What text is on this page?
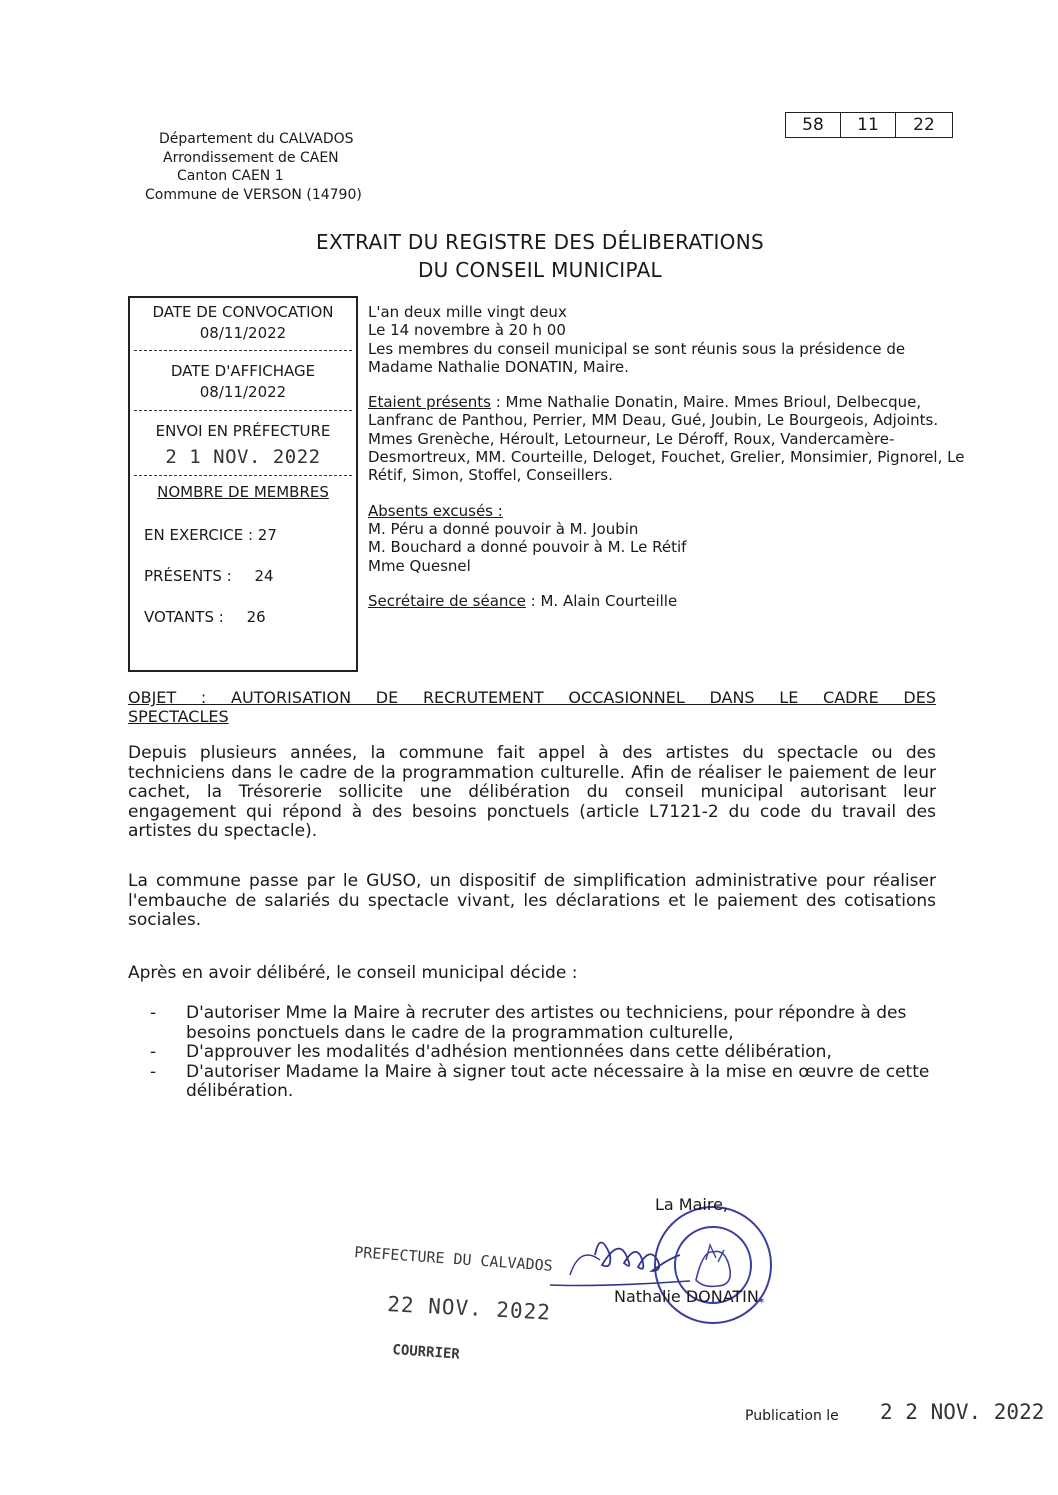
58	11	22
Département du CALVADOS
Arrondissement de CAEN
Canton CAEN 1
Commune de VERSON (14790)
EXTRAIT DU REGISTRE DES DÉLIBERATIONS
DU CONSEIL MUNICIPAL
DATE DE CONVOCATION
08/11/2022
DATE D'AFFICHAGE
08/11/2022
ENVOI EN PRÉFECTURE
2 1 NOV. 2022
NOMBRE DE MEMBRES
EN EXERCICE : 27
PRÉSENTS : 24
VOTANTS : 26

L'an deux mille vingt deux

Le 14 novembre à 20 h 00

Les membres du conseil municipal se sont réunis sous la présidence de Madame Nathalie DONATIN, Maire.

Etaient présents : Mme Nathalie Donatin, Maire. Mmes Brioul, Delbecque, Lanfranc de Panthou, Perrier, MM Deau, Gué, Joubin, Le Bourgeois, Adjoints. Mmes Grenèche, Héroult, Letourneur, Le Déroff, Roux, Vandercamère-Desmortreux, MM. Courteille, Deloget, Fouchet, Grelier, Monsimier, Pignorel, Le Rétif, Simon, Stoffel, Conseillers.

Absents excusés :

M. Péru a donné pouvoir à M. Joubin

M. Bouchard a donné pouvoir à M. Le Rétif

Mme Quesnel

Secrétaire de séance : M. Alain Courteille

OBJET : AUTORISATION DE RECRUTEMENT OCCASIONNEL DANS LE CADRE DES
SPECTACLES

Depuis plusieurs années, la commune fait appel à des artistes du spectacle ou des techniciens dans le cadre de la programmation culturelle. Afin de réaliser le paiement de leur cachet, la Trésorerie sollicite une délibération du conseil municipal autorisant leur engagement qui répond à des besoins ponctuels (article L7121-2 du code du travail des artistes du spectacle).

La commune passe par le GUSO, un dispositif de simplification administrative pour réaliser l'embauche de salariés du spectacle vivant, les déclarations et le paiement des cotisations sociales.

Après en avoir délibéré, le conseil municipal décide :

-	D'autoriser Mme la Maire à recruter des artistes ou techniciens, pour répondre à des besoins ponctuels dans le cadre de la programmation culturelle,
-	D'approuver les modalités d'adhésion mentionnées dans cette délibération,
-	D'autoriser Madame la Maire à signer tout acte nécessaire à la mise en œuvre de cette délibération.
✶
La Maire,
Nathalie DONATIN
PREFECTURE DU CALVADOS
22 NOV. 2022
COURRIER
Publication le 2 2 NOV. 2022
